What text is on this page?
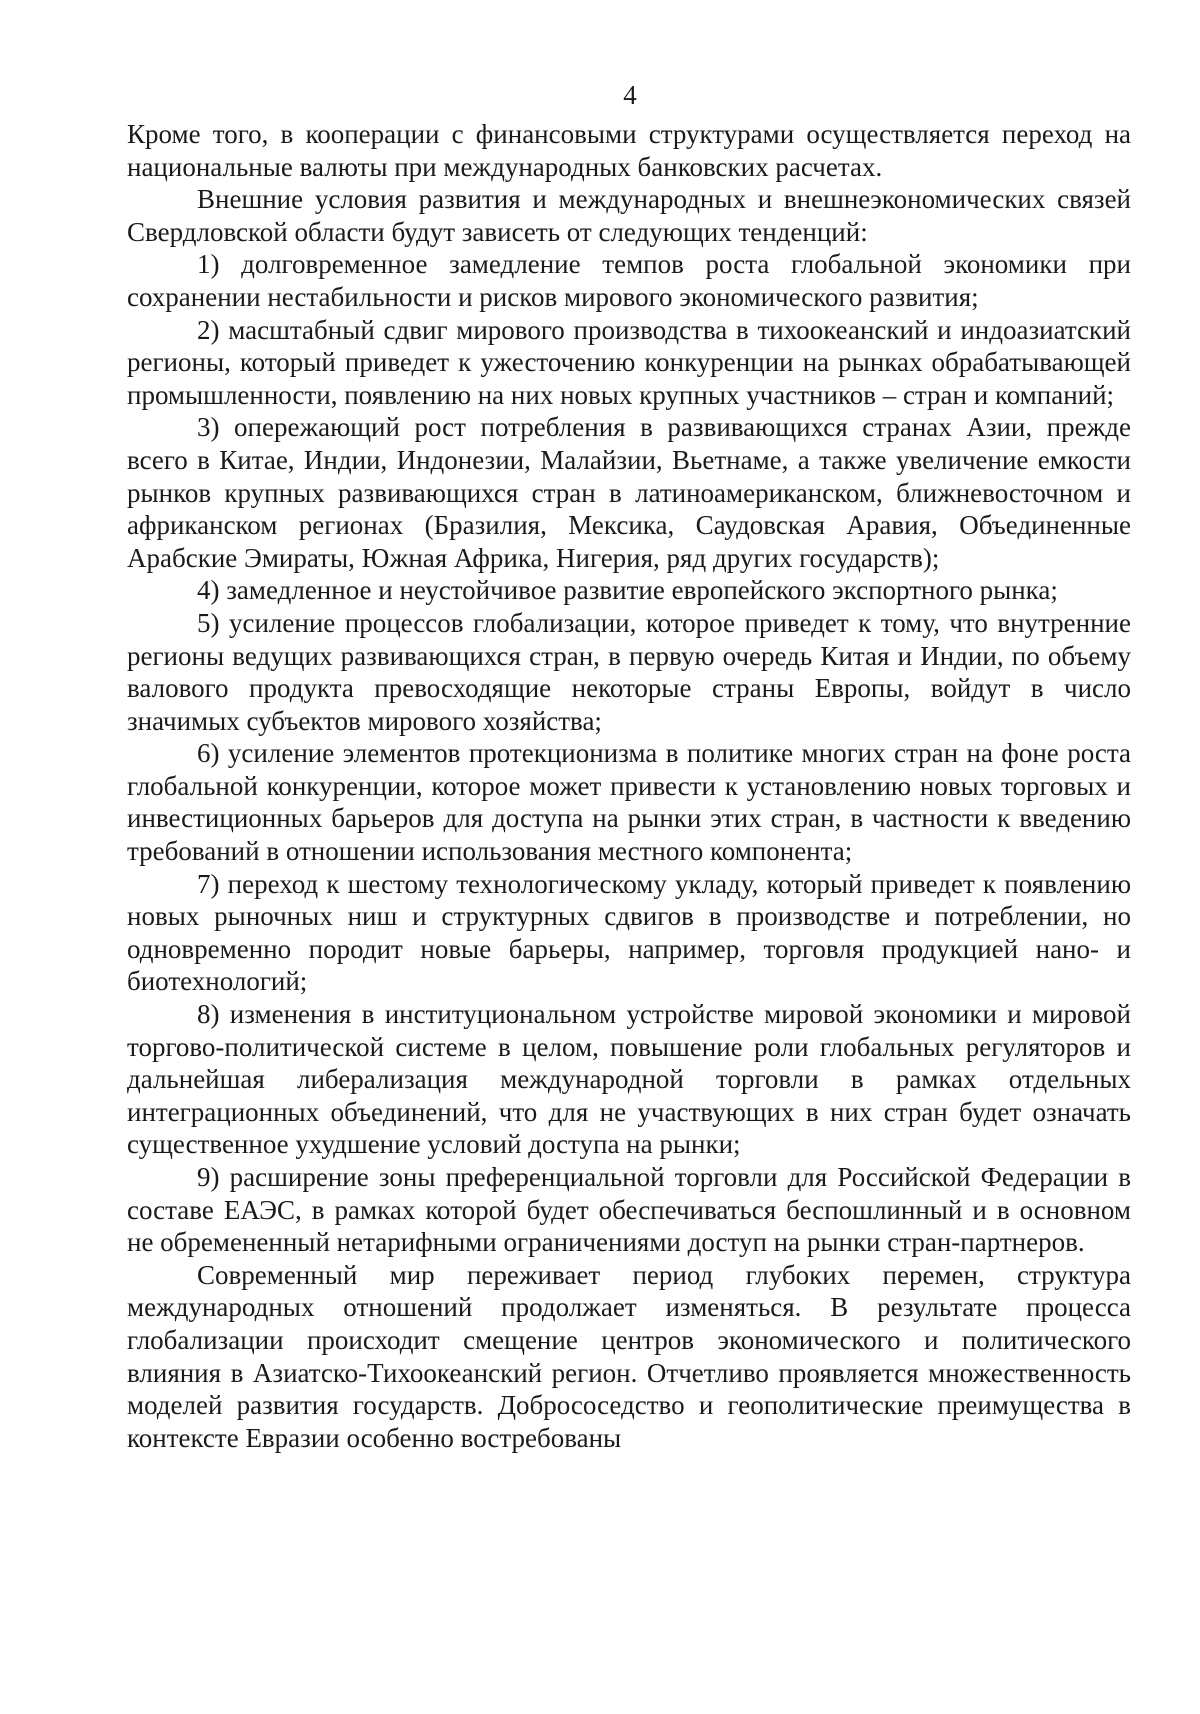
4

Кроме того, в кооперации с финансовыми структурами осуществляется переход на национальные валюты при международных банковских расчетах.

Внешние условия развития и международных и внешнеэкономических связей Свердловской области будут зависеть от следующих тенденций:

1) долговременное замедление темпов роста глобальной экономики при сохранении нестабильности и рисков мирового экономического развития;

2) масштабный сдвиг мирового производства в тихоокеанский и индоазиатский регионы, который приведет к ужесточению конкуренции на рынках обрабатывающей промышленности, появлению на них новых крупных участников – стран и компаний;

3) опережающий рост потребления в развивающихся странах Азии, прежде всего в Китае, Индии, Индонезии, Малайзии, Вьетнаме, а также увеличение емкости рынков крупных развивающихся стран в латиноамериканском, ближневосточном и африканском регионах (Бразилия, Мексика, Саудовская Аравия, Объединенные Арабские Эмираты, Южная Африка, Нигерия, ряд других государств);

4) замедленное и неустойчивое развитие европейского экспортного рынка;

5) усиление процессов глобализации, которое приведет к тому, что внутренние регионы ведущих развивающихся стран, в первую очередь Китая и Индии, по объему валового продукта превосходящие некоторые страны Европы, войдут в число значимых субъектов мирового хозяйства;

6) усиление элементов протекционизма в политике многих стран на фоне роста глобальной конкуренции, которое может привести к установлению новых торговых и инвестиционных барьеров для доступа на рынки этих стран, в частности к введению требований в отношении использования местного компонента;

7) переход к шестому технологическому укладу, который приведет к появлению новых рыночных ниш и структурных сдвигов в производстве и потреблении, но одновременно породит новые барьеры, например, торговля продукцией нано- и биотехнологий;

8) изменения в институциональном устройстве мировой экономики и мировой торгово-политической системе в целом, повышение роли глобальных регуляторов и дальнейшая либерализация международной торговли в рамках отдельных интеграционных объединений, что для не участвующих в них стран будет означать существенное ухудшение условий доступа на рынки;

9) расширение зоны преференциальной торговли для Российской Федерации в составе ЕАЭС, в рамках которой будет обеспечиваться беспошлинный и в основном не обремененный нетарифными ограничениями доступ на рынки стран-партнеров.

Современный мир переживает период глубоких перемен, структура международных отношений продолжает изменяться. В результате процесса глобализации происходит смещение центров экономического и политического влияния в Азиатско-Тихоокеанский регион. Отчетливо проявляется множественность моделей развития государств. Добрососедство и геополитические преимущества в контексте Евразии особенно востребованы
